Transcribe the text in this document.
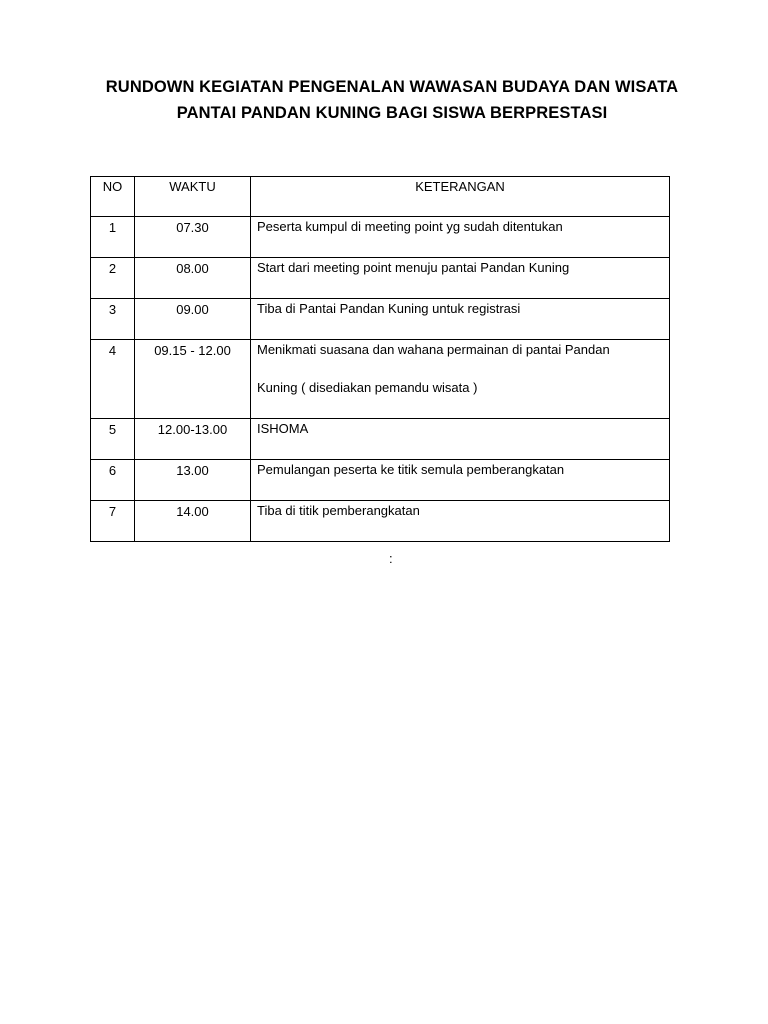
RUNDOWN KEGIATAN PENGENALAN WAWASAN BUDAYA DAN WISATA
PANTAI PANDAN KUNING BAGI SISWA BERPRESTASI
NO	WAKTU	KETERANGAN
1	07.30	Peserta kumpul di meeting point yg sudah ditentukan

2	08.00	Start dari meeting point menuju pantai Pandan Kuning

3	09.00	Tiba di Pantai Pandan Kuning untuk registrasi

4	09.15 - 12.00	Menikmati suasana dan wahana permainan di pantai Pandan
Kuning ( disediakan pemandu wisata )

5	12.00-13.00	ISHOMA

6	13.00	Pemulangan peserta ke titik semula pemberangkatan

7	14.00	Tiba di titik pemberangkatan
:
